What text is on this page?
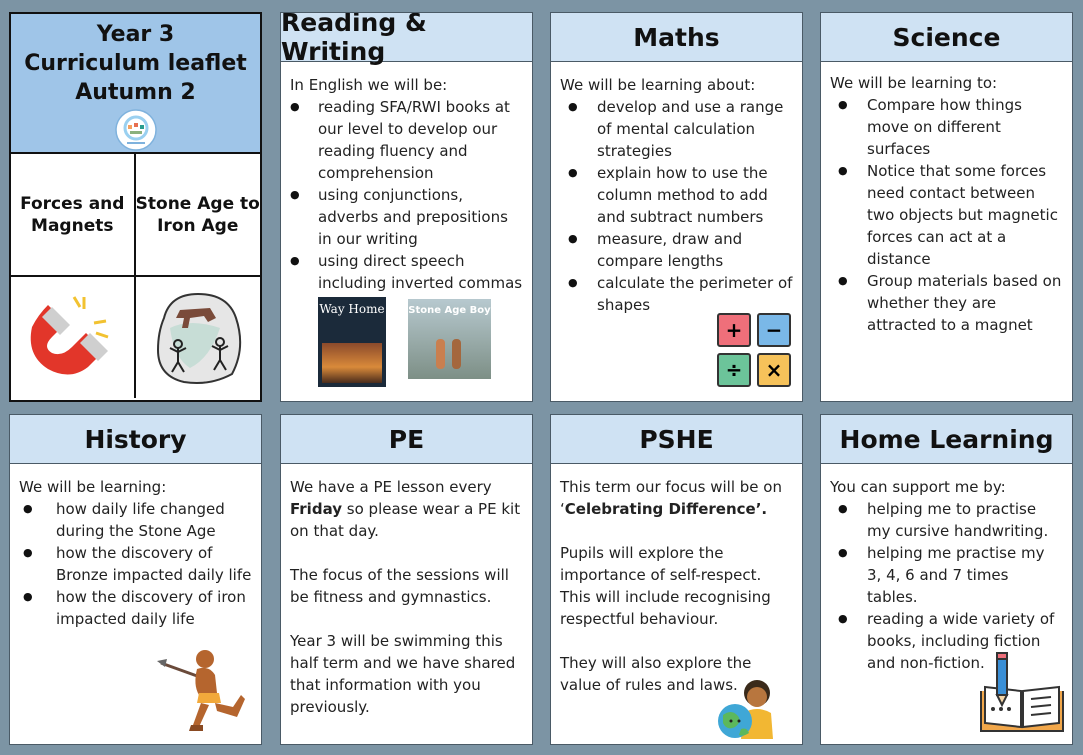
Year 3
Curriculum leaflet
Autumn 2
Forces and Magnets
Stone Age to Iron Age
Reading & Writing

In English we will be:

● reading SFA/RWI books at our level to develop our reading fluency and comprehension
● using conjunctions, adverbs and prepositions in our writing
● using direct speech including inverted commas
Way Home Stone Age Boy
Maths

We will be learning about:

● develop and use a range of mental calculation strategies
● explain how to use the column method to add and subtract numbers
● measure, draw and compare lengths
● calculate the perimeter of shapes
+	−
÷	×
Science

We will be learning to:

● Compare how things move on different surfaces
● Notice that some forces need contact between two objects but magnetic forces can act at a distance
● Group materials based on whether they are attracted to a magnet
History

We will be learning:

● how daily life changed during the Stone Age
● how the discovery of Bronze impacted daily life
● how the discovery of iron impacted daily life
PE

We have a PE lesson every Friday so please wear a PE kit on that day.

The focus of the sessions will be fitness and gymnastics.

Year 3 will be swimming this half term and we have shared that information with you previously.

PSHE

This term our focus will be on ‘Celebrating Difference’.

Pupils will explore the importance of self-respect. This will include recognising respectful behaviour.

They will also explore the value of rules and laws.

Home Learning

You can support me by:

● helping me to practise my cursive handwriting.
● helping me practise my 3, 4, 6 and 7 times tables.
● reading a wide variety of books, including fiction and non-fiction.
